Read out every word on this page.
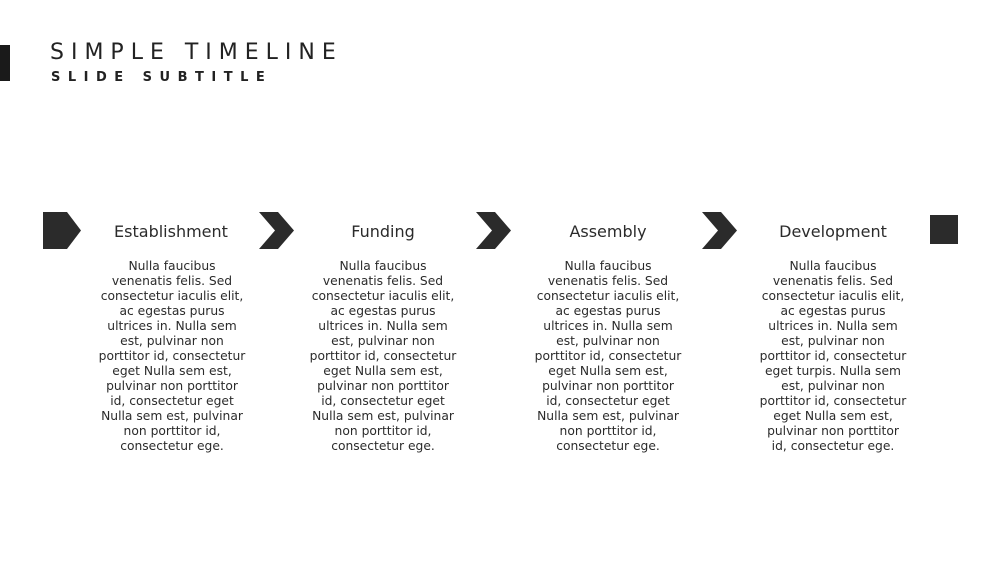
SIMPLE TIMELINE
SLIDE SUBTITLE
Establishment

Nulla faucibus venenatis felis. Sed consectetur iaculis elit, ac egestas purus ultrices in. Nulla sem est, pulvinar non porttitor id, consectetur eget Nulla sem est, pulvinar non porttitor id, consectetur eget Nulla sem est, pulvinar non porttitor id, consectetur ege.

Funding

Nulla faucibus venenatis felis. Sed consectetur iaculis elit, ac egestas purus ultrices in. Nulla sem est, pulvinar non porttitor id, consectetur eget Nulla sem est, pulvinar non porttitor id, consectetur eget Nulla sem est, pulvinar non porttitor id, consectetur ege.

Assembly

Nulla faucibus venenatis felis. Sed consectetur iaculis elit, ac egestas purus ultrices in. Nulla sem est, pulvinar non porttitor id, consectetur eget Nulla sem est, pulvinar non porttitor id, consectetur eget Nulla sem est, pulvinar non porttitor id, consectetur ege.

Development

Nulla faucibus venenatis felis. Sed consectetur iaculis elit, ac egestas purus ultrices in. Nulla sem est, pulvinar non porttitor id, consectetur eget turpis. Nulla sem est, pulvinar non porttitor id, consectetur eget Nulla sem est, pulvinar non porttitor id, consectetur ege.
